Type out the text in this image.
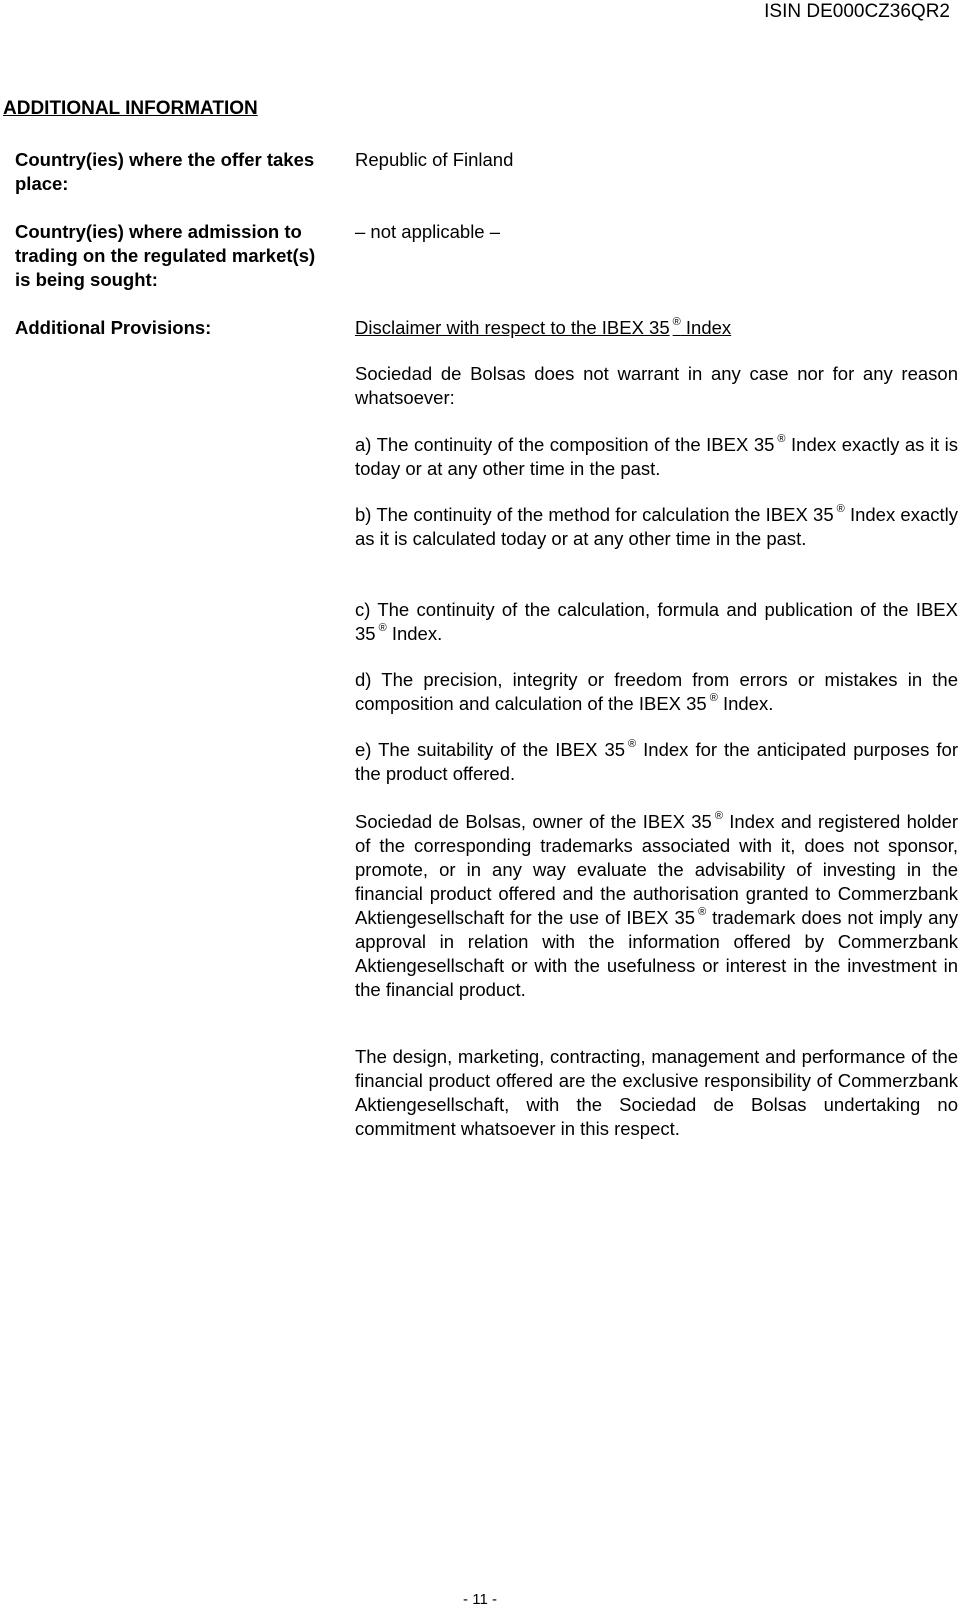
ISIN DE000CZ36QR2
ADDITIONAL INFORMATION
Country(ies) where the offer takes place:
Republic of Finland
Country(ies) where admission to trading on the regulated market(s) is being sought:
– not applicable –
Additional Provisions:	Disclaimer with respect to the IBEX 35 ® Index

Sociedad de Bolsas does not warrant in any case nor for any reason whatsoever:

a) The continuity of the composition of the IBEX 35 ® Index exactly as it is today or at any other time in the past.

b) The continuity of the method for calculation the IBEX 35 ® Index exactly as it is calculated today or at any other time in the past.

c) The continuity of the calculation, formula and publication of the IBEX 35 ® Index.

d) The precision, integrity or freedom from errors or mistakes in the composition and calculation of the IBEX 35 ® Index.

e) The suitability of the IBEX 35 ® Index for the anticipated purposes for the product offered.

Sociedad de Bolsas, owner of the IBEX 35 ® Index and registered holder of the corresponding trademarks associated with it, does not sponsor, promote, or in any way evaluate the advisability of investing in the financial product offered and the authorisation granted to Commerzbank Aktiengesellschaft for the use of IBEX 35 ® trademark does not imply any approval in relation with the information offered by Commerzbank Aktiengesellschaft or with the usefulness or interest in the investment in the financial product.

The design, marketing, contracting, management and performance of the financial product offered are the exclusive responsibility of Commerzbank Aktiengesellschaft, with the Sociedad de Bolsas undertaking no commitment whatsoever in this respect.

- 11 -
